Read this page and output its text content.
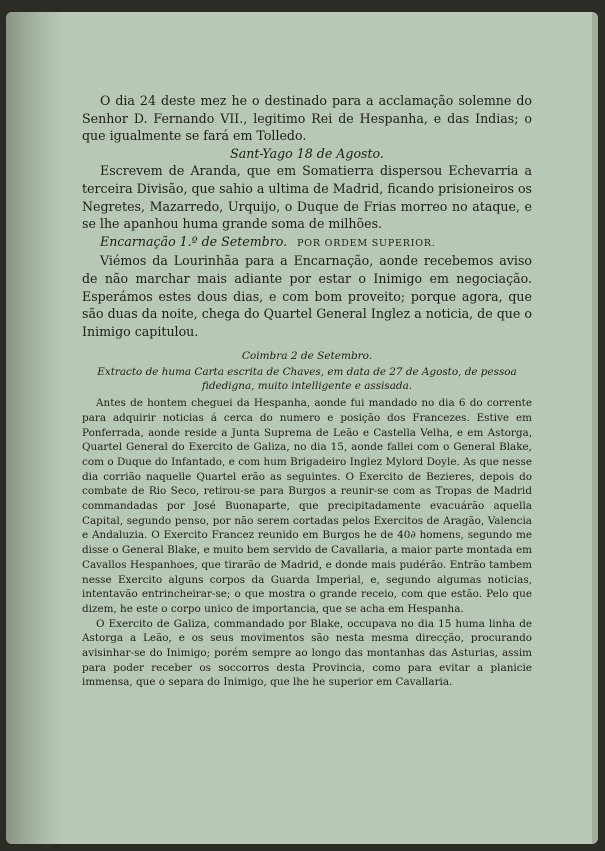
O dia 24 deste mez he o destinado para a acclamação solemne do Senhor D. Fernando VII., legitimo Rei de Hespanha, e das Indias; o que igualmente se fará em Tolledo.

Sant-Yago 18 de Agosto.

Escrevem de Aranda, que em Somatierra dispersou Echevarria a terceira Divisão, que sahio a ultima de Madrid, ficando prisioneiros os Negretes, Mazarredo, Urquijo, o Duque de Frias morreo no ataque, e se lhe apanhou huma grande soma de milhões.

Encarnação 1.º de Setembro. POR ORDEM SUPERIOR.

Viémos da Lourinhãa para a Encarnação, aonde recebemos aviso de não marchar mais adiante por estar o Inimigo em negociação. Esperámos estes dous dias, e com bom proveito; porque agora, que são duas da noite, chega do Quartel General Inglez a noticia, de que o Inimigo capitulou.

Coimbra 2 de Setembro.

Extracto de huma Carta escrita de Chaves, em data de 27 de Agosto, de pessoa fidedigna, muito intelligente e assisada.

Antes de hontem cheguei da Hespanha, aonde fui mandado no dia 6 do corrente para adquirir noticias á cerca do numero e posição dos Francezes. Estive em Ponferrada, aonde reside a Junta Suprema de Leão e Castella Velha, e em Astorga, Quartel General do Exercito de Galiza, no dia 15, aonde fallei com o General Blake, com o Duque do Infantado, e com hum Brigadeiro Inglez Mylord Doyle. As que nesse dia corrião naquelle Quartel erão as seguintes. O Exercito de Bezieres, depois do combate de Rio Seco, retirou-se para Burgos a reunir-se com as Tropas de Madrid commandadas por José Buonaparte, que precipitadamente evacuárão aquella Capital, segundo penso, por não serem cortadas pelos Exercitos de Aragão, Valencia e Andaluzia. O Exercito Francez reunido em Burgos he de 40∂ homens, segundo me disse o General Blake, e muito bem servido de Cavallaria, a maior parte montada em Cavallos Hespanhoes, que tirarão de Madrid, e donde mais pudérão. Entrão tambem nesse Exercito alguns corpos da Guarda Imperial, e, segundo algumas noticias, intentavão entrincheirar-se; o que mostra o grande receio, com que estão. Pelo que dizem, he este o corpo unico de importancia, que se acha em Hespanha.

O Exercito de Galiza, commandado por Blake, occupava no dia 15 huma linha de Astorga a Leão, e os seus movimentos são nesta mesma direcção, procurando avisinhar-se do Inimigo; porém sempre ao longo das montanhas das Asturias, assim para poder receber os soccorros desta Provincia, como para evitar a planicie immensa, que o separa do Inimigo, que lhe he superior em Cavallaria.
